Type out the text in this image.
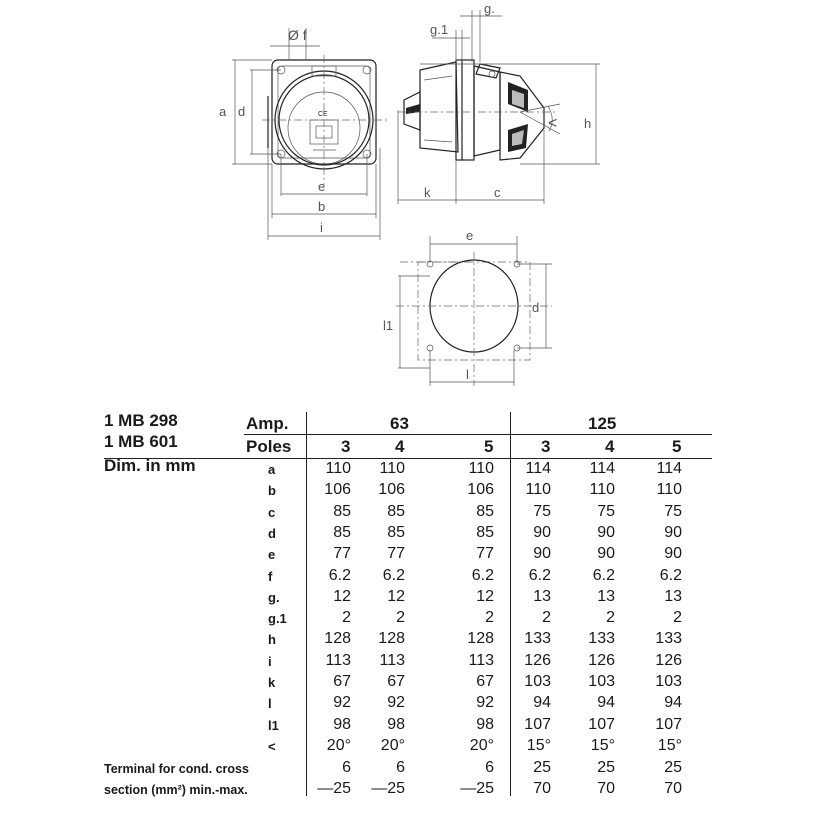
CE
Ø f
a d
e
b
i
g.
g.1
h
<
k	c
e
d
l1
l
1 MB 298
1 MB 601
Dim. in mm
Amp.
Poles
63	125
3	4	5	3	4	5
a	110	110	110	114	114	114
b	106	106	106	110	110	110
c	85	85	85	75	75	75
d	85	85	85	90	90	90
e	77	77	77	90	90	90
f	6.2	6.2	6.2	6.2	6.2	6.2
g.	12	12	12	13	13	13
g.1	2	2	2	2	2	2
h	128	128	128	133	133	133
i	113	113	113	126	126	126
k	67	67	67	103	103	103
l	92	92	92	94	94	94
l1	98	98	98	107	107	107
<	20°	20°	20°	15°	15°	15°
Terminal for cond. cross
section (mm²) min.-max.
6	6	6	25	25	25
—25	—25	—25	70	70	70
